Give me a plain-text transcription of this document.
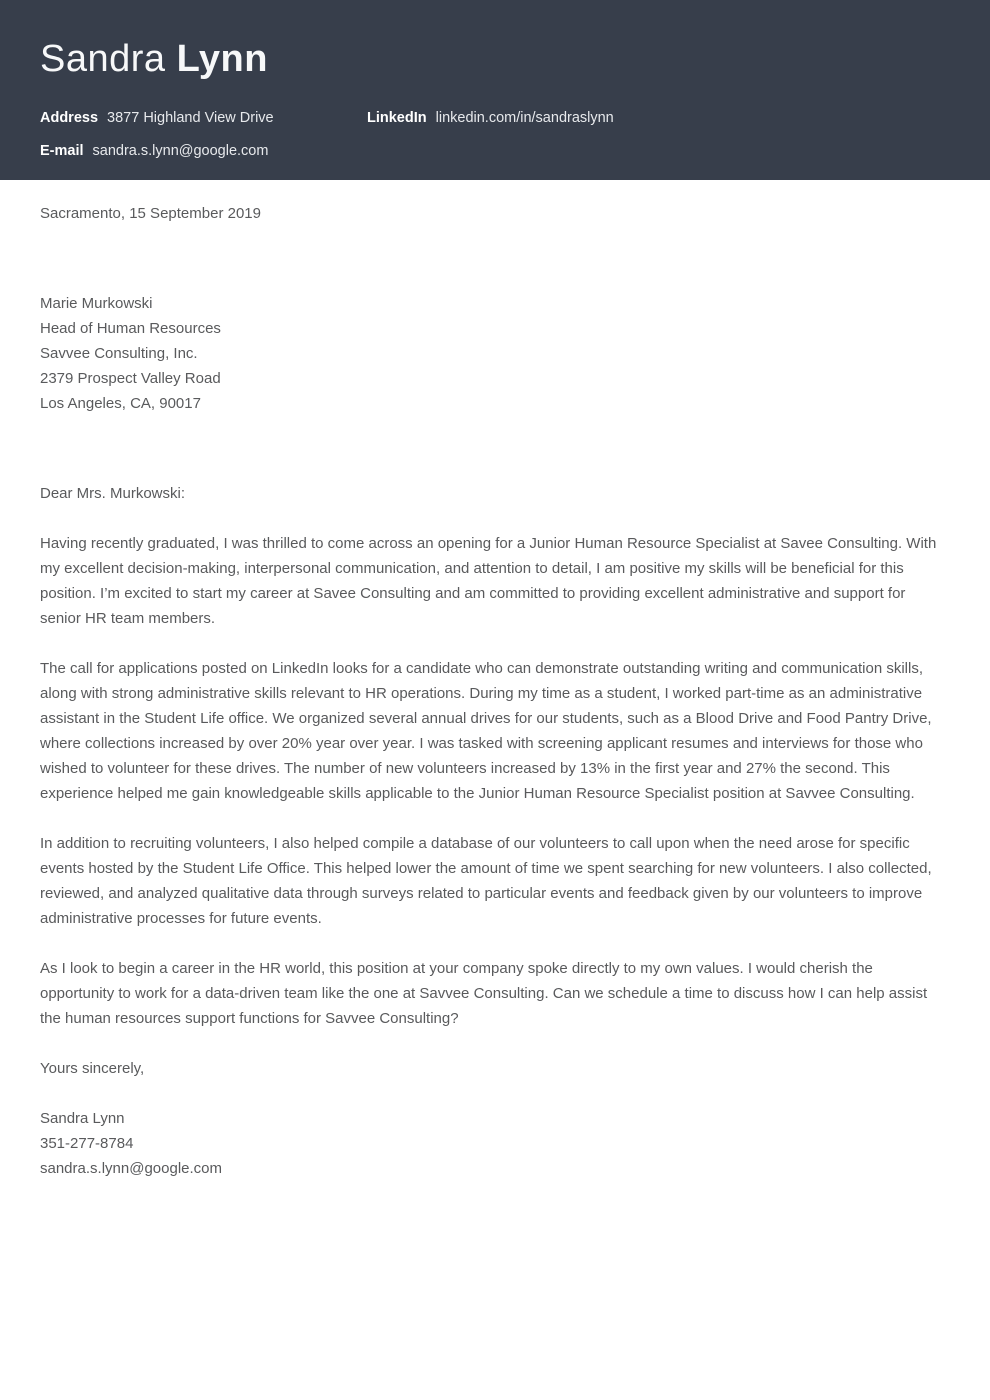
Sandra Lynn
Address 3877 Highland View Drive	LinkedIn linkedin.com/in/sandraslynn
E-mail sandra.s.lynn@google.com
Sacramento, 15 September 2019
Marie Murkowski
Head of Human Resources
Savvee Consulting, Inc.
2379 Prospect Valley Road
Los Angeles, CA, 90017
Dear Mrs. Murkowski:

Having recently graduated, I was thrilled to come across an opening for a Junior Human Resource Specialist at Savee Consulting. With my excellent decision-making, interpersonal communication, and attention to detail, I am positive my skills will be beneficial for this position. I’m excited to start my career at Savee Consulting and am committed to providing excellent administrative and support for senior HR team members.

The call for applications posted on LinkedIn looks for a candidate who can demonstrate outstanding writing and communication skills, along with strong administrative skills relevant to HR operations. During my time as a student, I worked part-time as an administrative assistant in the Student Life office. We organized several annual drives for our students, such as a Blood Drive and Food Pantry Drive, where collections increased by over 20% year over year. I was tasked with screening applicant resumes and interviews for those who wished to volunteer for these drives. The number of new volunteers increased by 13% in the first year and 27% the second. This experience helped me gain knowledgeable skills applicable to the Junior Human Resource Specialist position at Savvee Consulting.

In addition to recruiting volunteers, I also helped compile a database of our volunteers to call upon when the need arose for specific events hosted by the Student Life Office. This helped lower the amount of time we spent searching for new volunteers. I also collected, reviewed, and analyzed qualitative data through surveys related to particular events and feedback given by our volunteers to improve administrative processes for future events.

As I look to begin a career in the HR world, this position at your company spoke directly to my own values. I would cherish the opportunity to work for a data-driven team like the one at Savvee Consulting. Can we schedule a time to discuss how I can help assist the human resources support functions for Savvee Consulting?

Yours sincerely,

Sandra Lynn
351-277-8784
sandra.s.lynn@google.com
